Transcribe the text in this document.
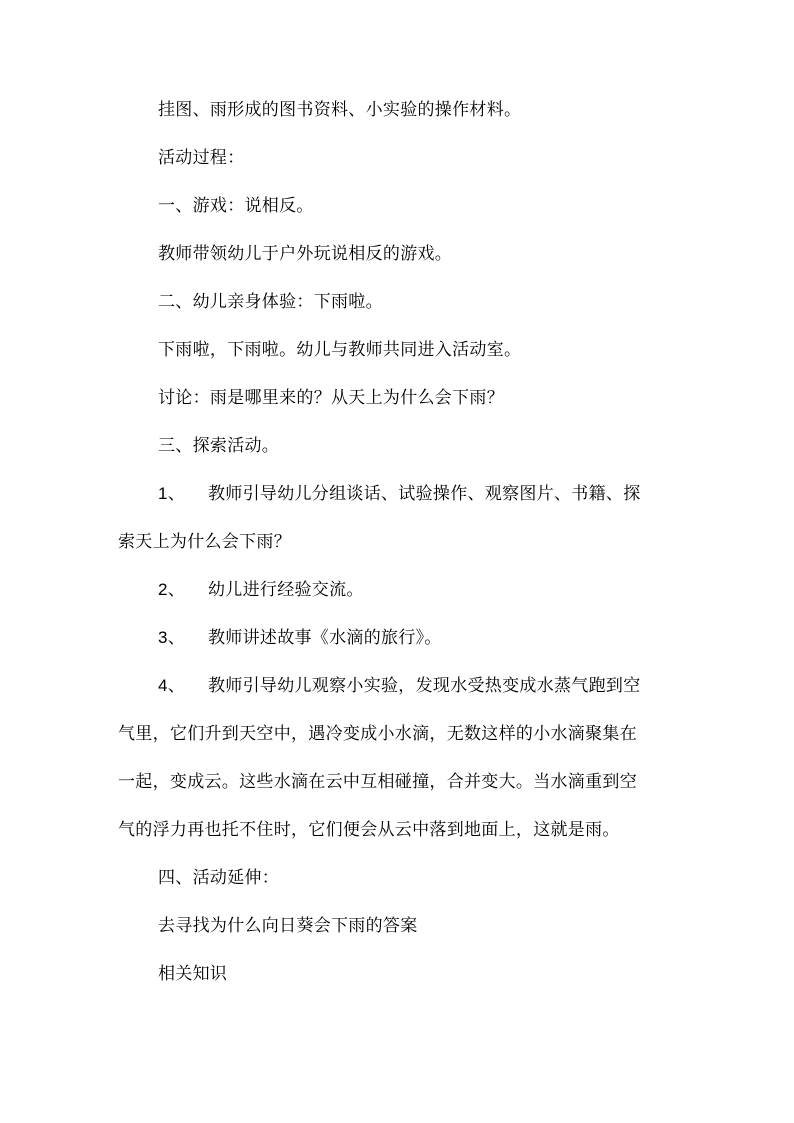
挂图、雨形成的图书资料、小实验的操作材料。
活动过程：
一、游戏：说相反。
教师带领幼儿于户外玩说相反的游戏。
二、幼儿亲身体验：下雨啦。
下雨啦，下雨啦。幼儿与教师共同进入活动室。
讨论：雨是哪里来的？从天上为什么会下雨？
三、探索活动。
1、 教师引导幼儿分组谈话、试验操作、观察图片、书籍、探
索天上为什么会下雨？
2、 幼儿进行经验交流。
3、 教师讲述故事《水滴的旅行》。
4、 教师引导幼儿观察小实验，发现水受热变成水蒸气跑到空
气里，它们升到天空中，遇冷变成小水滴，无数这样的小水滴聚集在
一起，变成云。这些水滴在云中互相碰撞，合并变大。当水滴重到空
气的浮力再也托不住时，它们便会从云中落到地面上，这就是雨。
四、活动延伸：
去寻找为什么向日葵会下雨的答案
相关知识
